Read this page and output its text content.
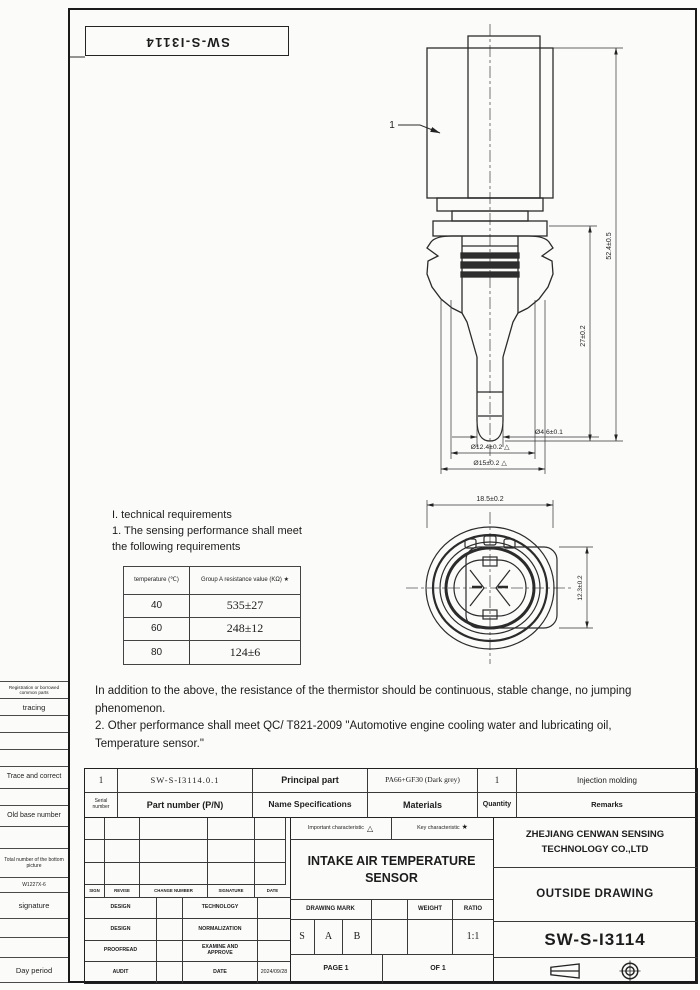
SW-S-I3114
52.4±0.5
27±0.2
Ø4.6±0.1
Ø12.4±0.2 △
Ø15±0.2 △
1
18.5±0.2
12.3±0.2
I. technical requirements
1. The sensing performance shall meet
the following requirements
temperature (℃)	Group A resistance value (KΩ) ★
40	535±27
60	248±12
80	124±6
In addition to the above, the resistance of the thermistor should be continuous, stable change, no jumping phenomenon.
2. Other performance shall meet QC/ T821-2009 "Automotive engine cooling water and lubricating oil, Temperature sensor."
1	SW-S-I3114.0.1	Principal part	PA66+GF30 (Dark grey)	1	Injection molding
Serial number	Part number (P/N)	Name Specifications	Materials	Quantity	Remarks
SIGN	REVISE	CHANGE NUMBER	SIGNATURE	DATE
DESIGN	TECHNOLOGY
DESIGN	NORMALIZATION
PROOFREAD	EXAMINE AND APPROVE
AUDIT	DATE	2024/09/28
Important characteristic △	Key characteristic ★
INTAKE AIR TEMPERATURE SENSOR
DRAWING MARK	WEIGHT	RATIO
S	A	B	1:1
PAGE 1	OF 1
ZHEJIANG CENWAN SENSING TECHNOLOGY CO.,LTD
OUTSIDE DRAWING
SW-S-I3114
Registration or borrowed common parts
tracing
Trace and correct
Old base number
Total number of the bottom picture
W1227X-6
signature
Day period
